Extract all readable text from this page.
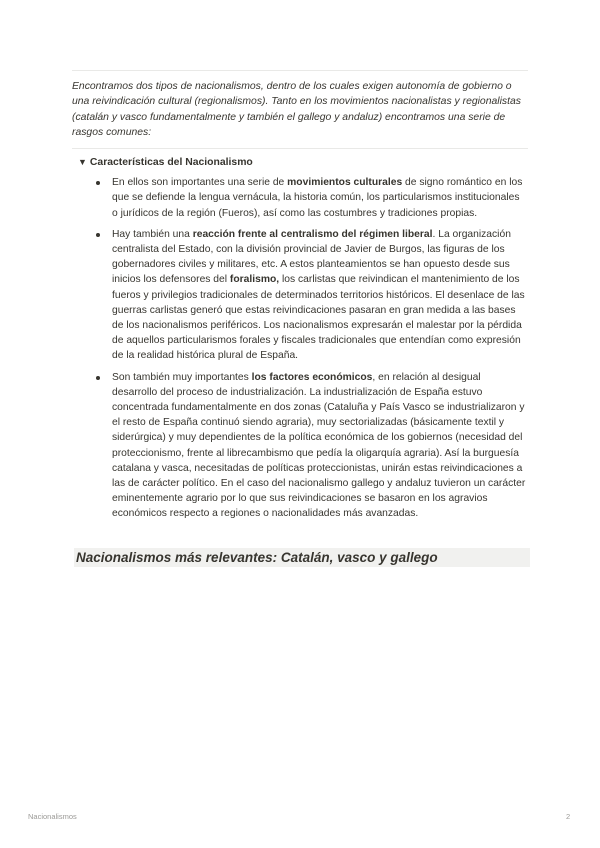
Encontramos dos tipos de nacionalismos, dentro de los cuales exigen autonomía de gobierno o una reivindicación cultural (regionalismos). Tanto en los movimientos nacionalistas y regionalistas (catalán y vasco fundamentalmente y también el gallego y andaluz) encontramos una serie de rasgos comunes:

▼ Características del Nacionalismo
En ellos son importantes una serie de movimientos culturales de signo romántico en los que se defiende la lengua vernácula, la historia común, los particularismos institucionales o jurídicos de la región (Fueros), así como las costumbres y tradiciones propias.
Hay también una reacción frente al centralismo del régimen liberal. La organización centralista del Estado, con la división provincial de Javier de Burgos, las figuras de los gobernadores civiles y militares, etc. A estos planteamientos se han opuesto desde sus inicios los defensores del foralismo, los carlistas que reivindican el mantenimiento de los fueros y privilegios tradicionales de determinados territorios históricos. El desenlace de las guerras carlistas generó que estas reivindicaciones pasaran en gran medida a las bases de los nacionalismos periféricos. Los nacionalismos expresarán el malestar por la pérdida de aquellos particularismos forales y fiscales tradicionales que entendían como expresión de la realidad histórica plural de España.
Son también muy importantes los factores económicos, en relación al desigual desarrollo del proceso de industrialización. La industrialización de España estuvo concentrada fundamentalmente en dos zonas (Cataluña y País Vasco se industrializaron y el resto de España continuó siendo agraria), muy sectorializadas (básicamente textil y siderúrgica) y muy dependientes de la política económica de los gobiernos (necesidad del proteccionismo, frente al librecambismo que pedía la oligarquía agraria). Así la burguesía catalana y vasca, necesitadas de políticas proteccionistas, unirán estas reivindicaciones a las de carácter político. En el caso del nacionalismo gallego y andaluz tuvieron un carácter eminentemente agrario por lo que sus reivindicaciones se basaron en los agravios económicos respecto a regiones o nacionalidades más avanzadas.
Nacionalismos más relevantes: Catalán, vasco y gallego
Nacionalismos	2
